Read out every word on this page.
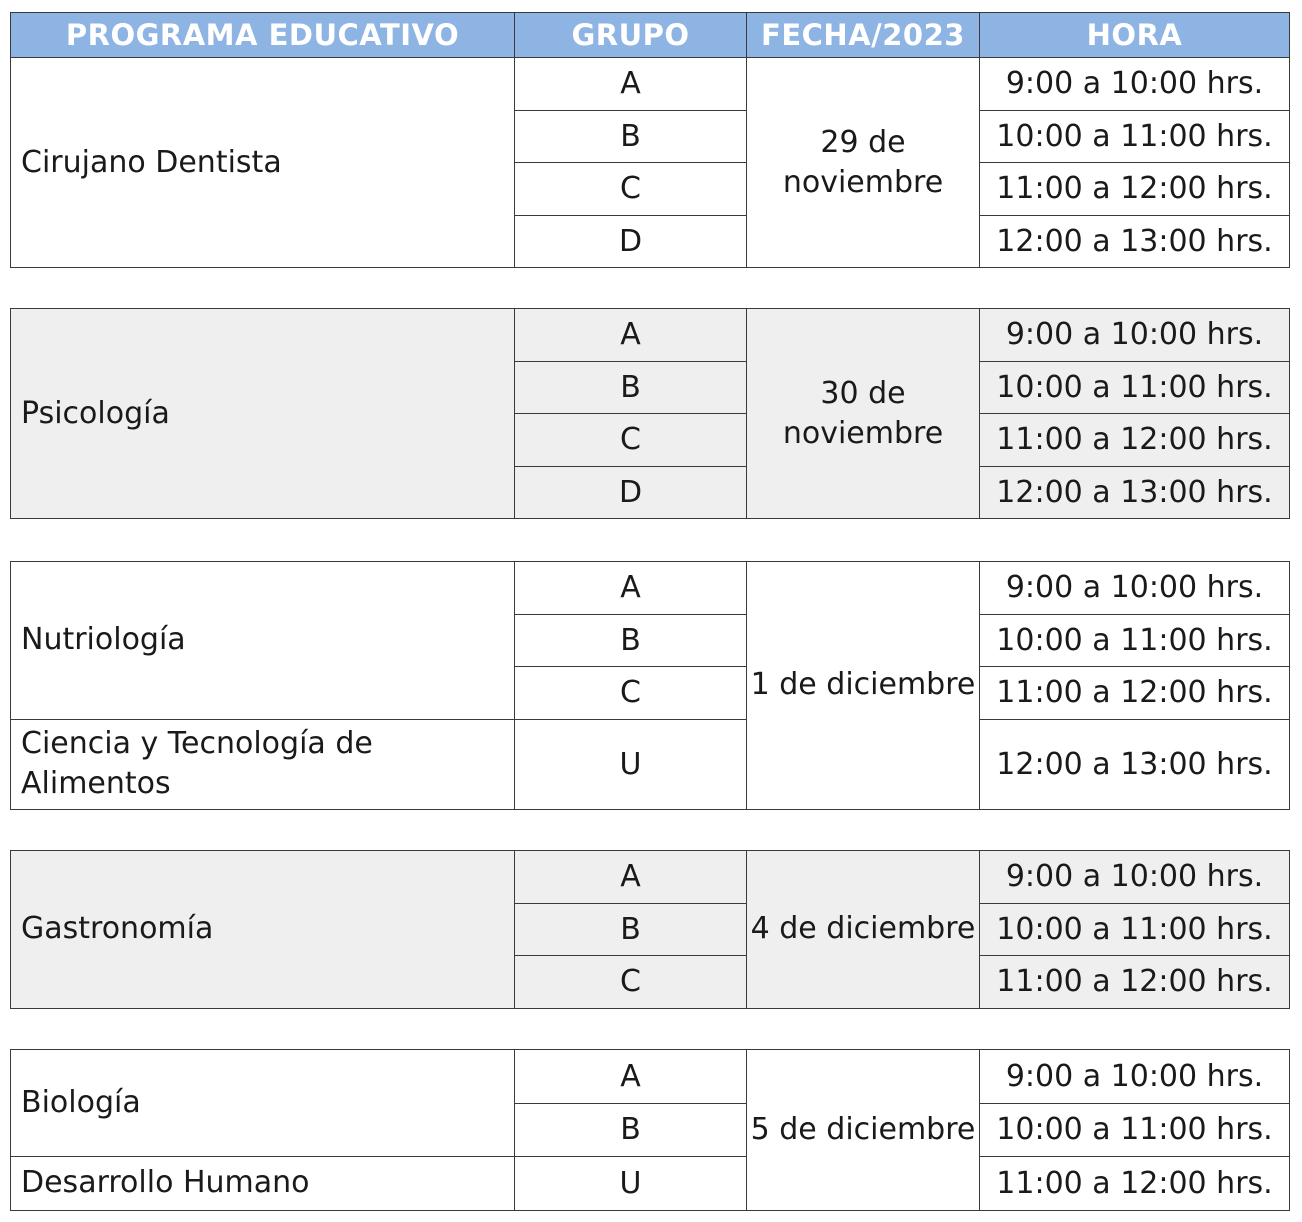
PROGRAMA EDUCATIVO	GRUPO	FECHA/2023	HORA
Cirujano Dentista	A	29 de noviembre	9:00 a 10:00 hrs.
	B		10:00 a 11:00 hrs.
	C		11:00 a 12:00 hrs.
	D		12:00 a 13:00 hrs.
Psicología	A	30 de noviembre	9:00 a 10:00 hrs.
	B		10:00 a 11:00 hrs.
	C		11:00 a 12:00 hrs.
	D		12:00 a 13:00 hrs.
Nutriología	A	1 de diciembre	9:00 a 10:00 hrs.
	B		10:00 a 11:00 hrs.
	C		11:00 a 12:00 hrs.
Ciencia y Tecnología de Alimentos	U		12:00 a 13:00 hrs.
Gastronomía	A	4 de diciembre	9:00 a 10:00 hrs.
	B		10:00 a 11:00 hrs.
	C		11:00 a 12:00 hrs.
Biología	A	5 de diciembre	9:00 a 10:00 hrs.
	B		10:00 a 11:00 hrs.
Desarrollo Humano	U		11:00 a 12:00 hrs.
